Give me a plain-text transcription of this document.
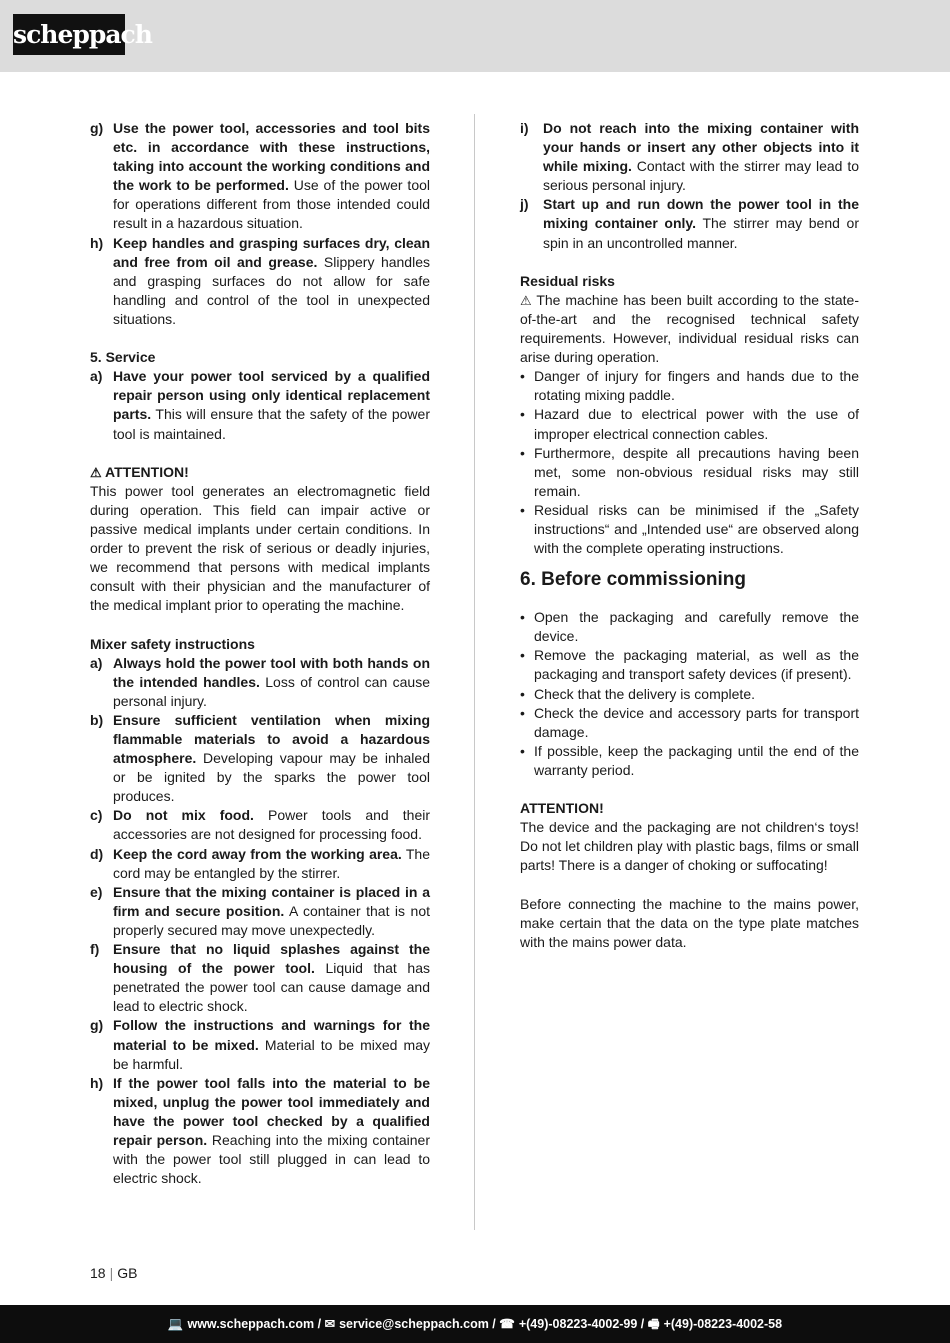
scheppach
g) Use the power tool, accessories and tool bits etc. in accordance with these instructions, taking into account the working conditions and the work to be performed. Use of the power tool for operations different from those intended could result in a hazardous situation.
h) Keep handles and grasping surfaces dry, clean and free from oil and grease. Slippery handles and grasping surfaces do not allow for safe handling and control of the tool in unexpected situations.
5. Service
a) Have your power tool serviced by a qualified repair person using only identical replacement parts. This will ensure that the safety of the power tool is maintained.
⚠ ATTENTION!

This power tool generates an electromagnetic field during operation. This field can impair active or passive medical implants under certain conditions. In order to prevent the risk of serious or deadly injuries, we recommend that persons with medical implants consult with their physician and the manufacturer of the medical implant prior to operating the machine.

Mixer safety instructions
a) Always hold the power tool with both hands on the intended handles. Loss of control can cause personal injury.
b) Ensure sufficient ventilation when mixing flammable materials to avoid a hazardous atmosphere. Developing vapour may be inhaled or be ignited by the sparks the power tool produces.
c) Do not mix food. Power tools and their accessories are not designed for processing food.
d) Keep the cord away from the working area. The cord may be entangled by the stirrer.
e) Ensure that the mixing container is placed in a firm and secure position. A container that is not properly secured may move unexpectedly.
f) Ensure that no liquid splashes against the housing of the power tool. Liquid that has penetrated the power tool can cause damage and lead to electric shock.
g) Follow the instructions and warnings for the material to be mixed. Material to be mixed may be harmful.
h) If the power tool falls into the material to be mixed, unplug the power tool immediately and have the power tool checked by a qualified repair person. Reaching into the mixing container with the power tool still plugged in can lead to electric shock.
i)	Do not reach into the mixing container with your hands or insert any other objects into it while mixing. Contact with the stirrer may lead to serious personal injury.
j)	Start up and run down the power tool in the mixing container only. The stirrer may bend or spin in an uncontrolled manner.
Residual risks

⚠ The machine has been built according to the state-of-the-art and the recognised technical safety requirements. However, individual residual risks can arise during operation.

• Danger of injury for fingers and hands due to the rotating mixing paddle.
• Hazard due to electrical power with the use of improper electrical connection cables.
• Furthermore, despite all precautions having been met, some non-obvious residual risks may still remain.
• Residual risks can be minimised if the „Safety instructions“ and „Intended use“ are observed along with the complete operating instructions.
6. Before commissioning
• Open the packaging and carefully remove the device.
• Remove the packaging material, as well as the packaging and transport safety devices (if present).
• Check that the delivery is complete.
• Check the device and accessory parts for transport damage.
• If possible, keep the packaging until the end of the warranty period.
ATTENTION!

The device and the packaging are not children‘s toys! Do not let children play with plastic bags, films or small parts! There is a danger of choking or suffocating!

Before connecting the machine to the mains power, make certain that the data on the type plate matches with the mains power data.

18 | GB
💻 www.scheppach.com / ✉ service@scheppach.com / ☎ +(49)-08223-4002-99 / 🖷 +(49)-08223-4002-58
